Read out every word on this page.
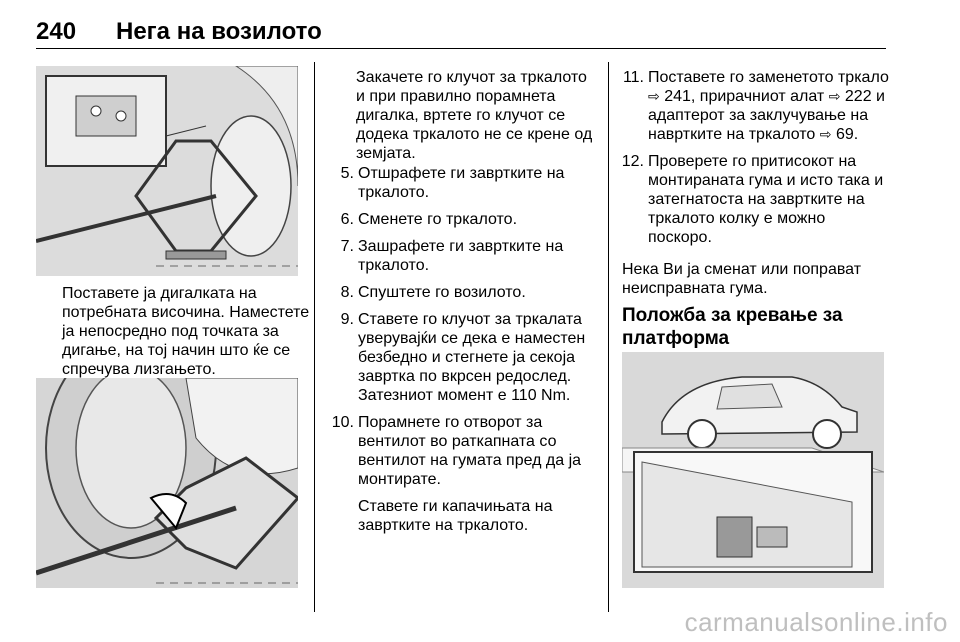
240 Нега на возилото
Поставете ја дигалката на потребната височина. Наместете ја непосредно под точката за дигање, на тој начин што ќе се спречува лизгањето.
Закачете го клучот за тркалото и при правилно порамнета дигалка, вртете го клучот се додека тркалото не се крене од земјата.
5. Отшрафете ги завртките на тркалото.
6. Сменете го тркалото.
7. Зашрафете ги завртките на тркалото.
8. Спуштете го возилото.
9. Ставете го клучот за тркалата уверувајќи се дека е наместен безбедно и стегнете ја секоја завртка по вкрсен редослед. Затезниот момент е 110 Nm.
10. Порамнете го отворот за вентилот во раткапната со вентилот на гумата пред да ја монтирате.
Ставете ги капачињата на завртките на тркалото.
11. Поставете го заменетото тркало ⇨ 241, прирачниот алат ⇨ 222 и адаптерот за заклучување на навртките на тркалото ⇨ 69.
12. Проверете го притисокот на монтираната гума и исто така и затегнатоста на завртките на тркалото колку е можно поскоро.
Нека Ви ја сменат или поправат неисправната гума.
Положба за кревање за платформа
carmanualsonline.info
